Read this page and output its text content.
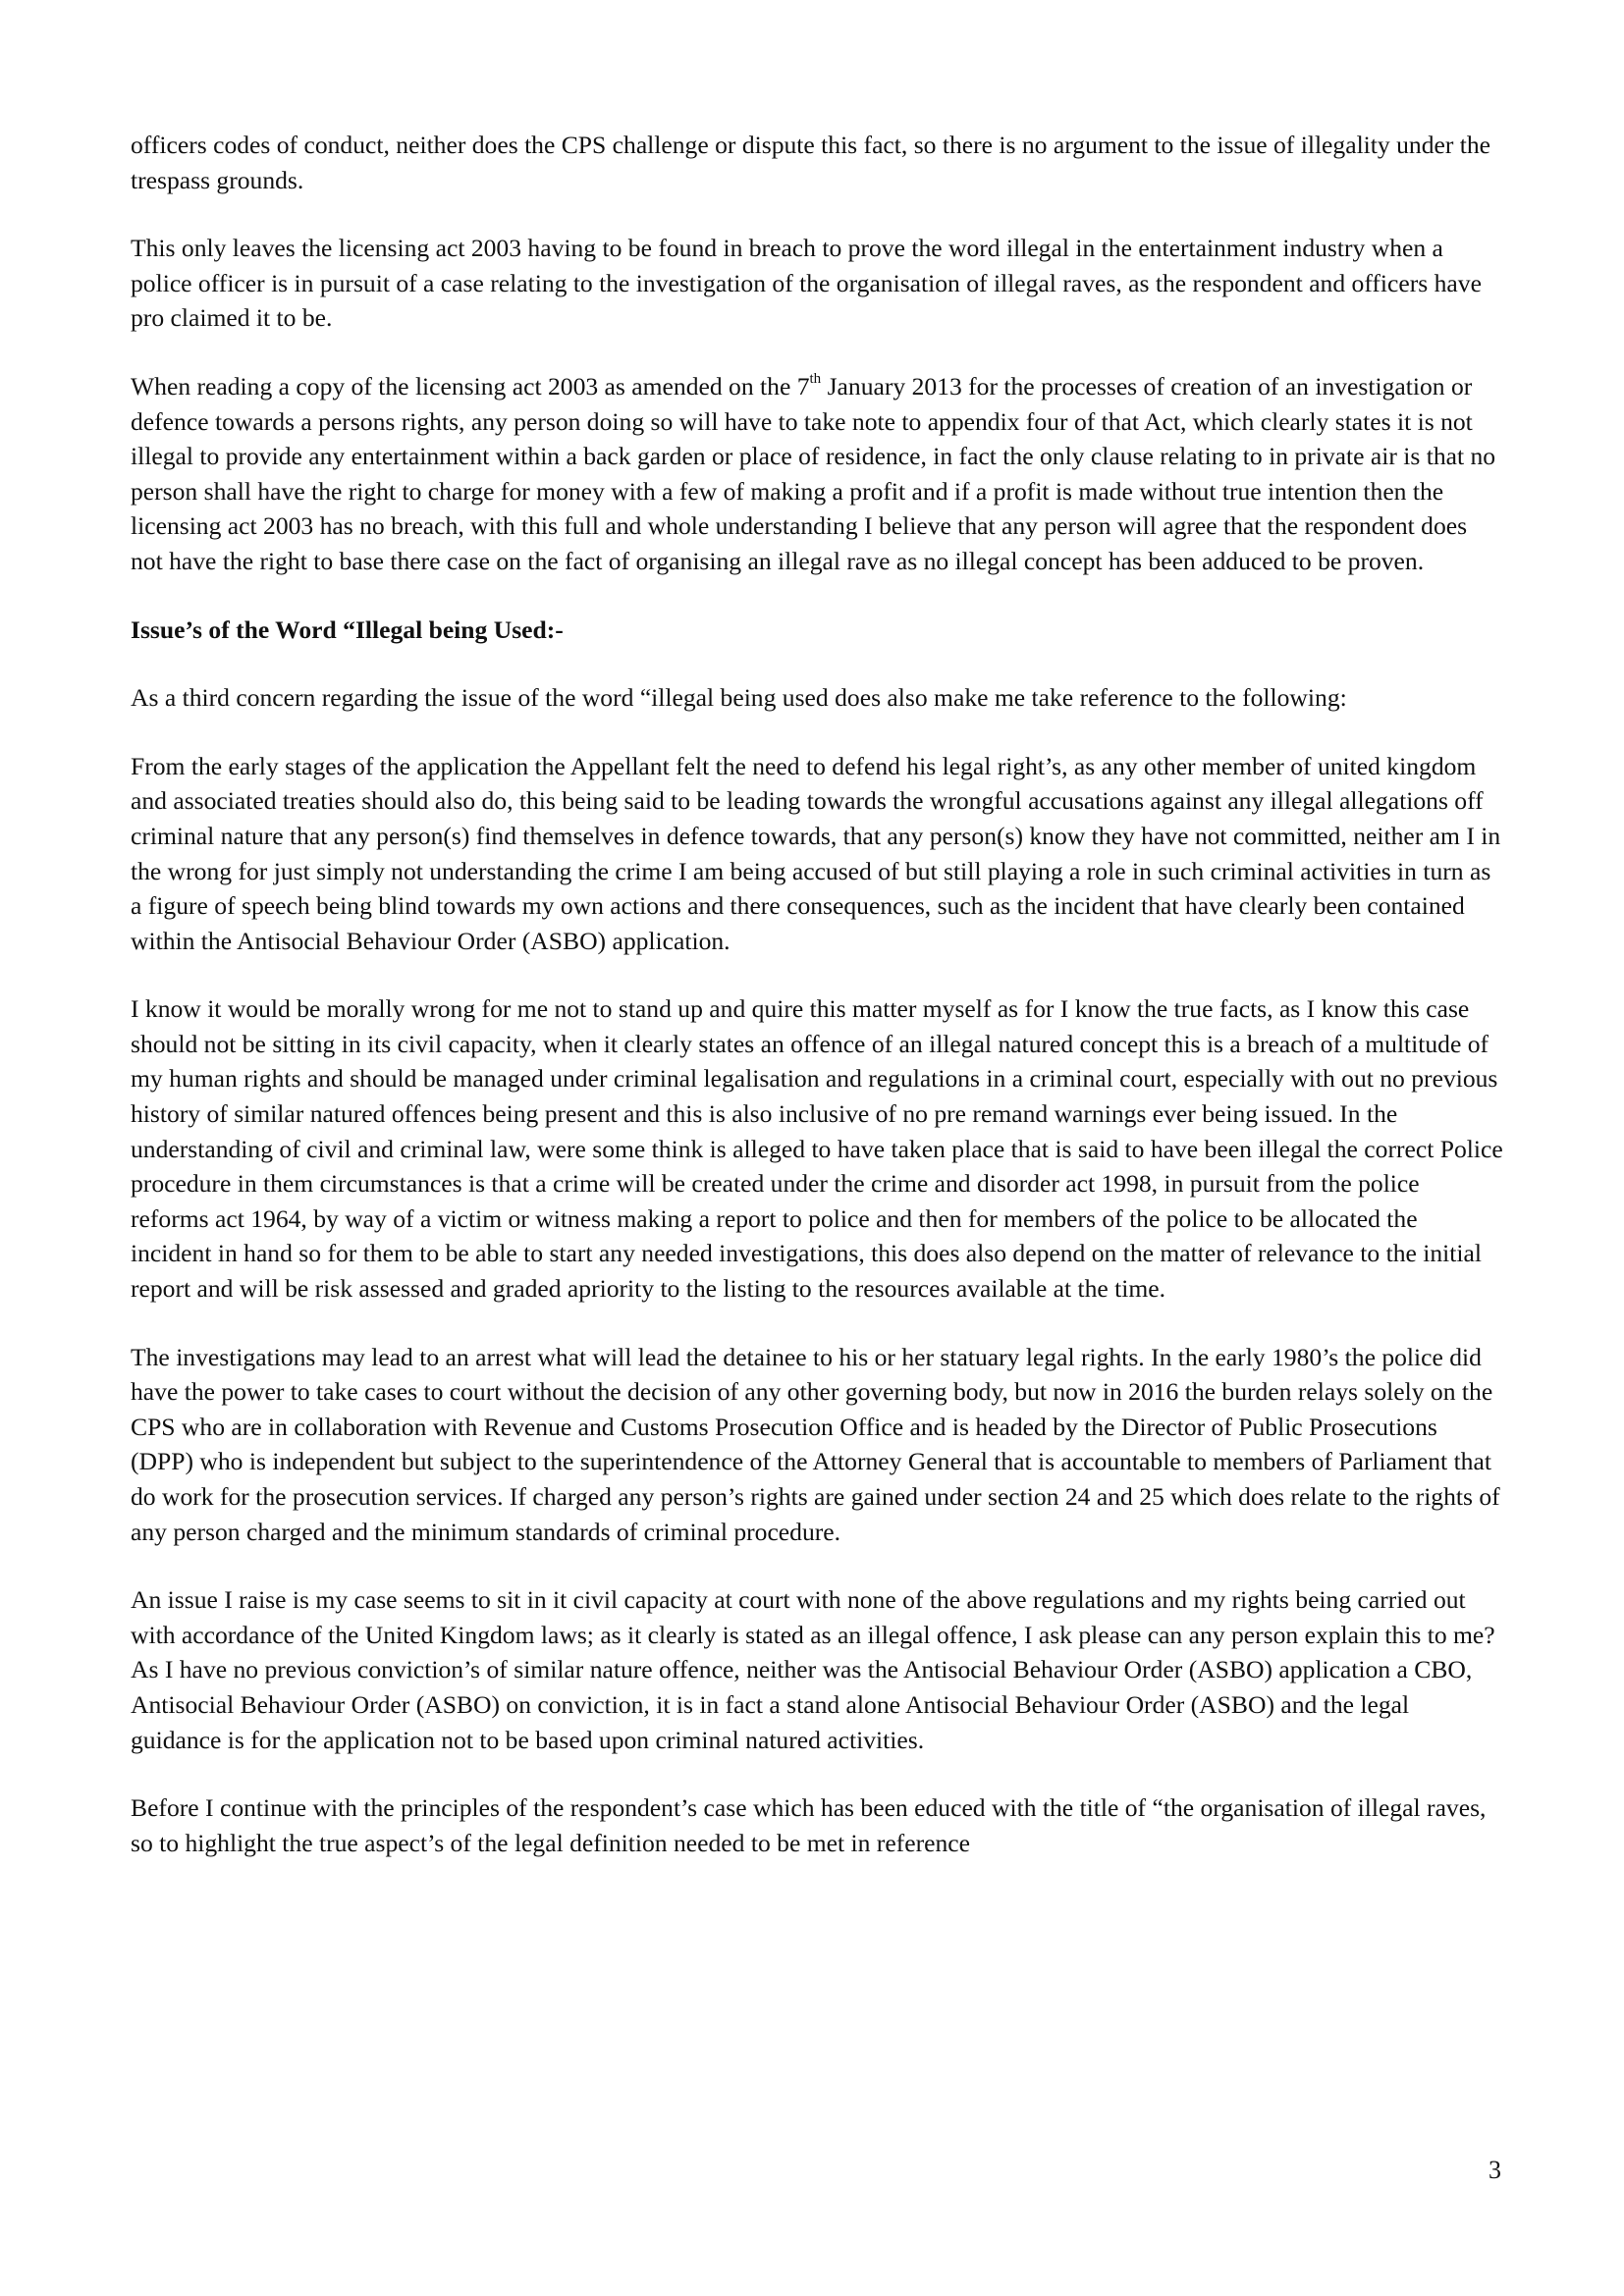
officers codes of conduct, neither does the CPS challenge or dispute this fact, so there is no argument to the issue of illegality under the trespass grounds.

This only leaves the licensing act 2003 having to be found in breach to prove the word illegal in the entertainment industry when a police officer is in pursuit of a case relating to the investigation of the organisation of illegal raves, as the respondent and officers have pro claimed it to be.

When reading a copy of the licensing act 2003 as amended on the 7th January 2013 for the processes of creation of an investigation or defence towards a persons rights, any person doing so will have to take note to appendix four of that Act, which clearly states it is not illegal to provide any entertainment within a back garden or place of residence, in fact the only clause relating to in private air is that no person shall have the right to charge for money with a few of making a profit and if a profit is made without true intention then the licensing act 2003 has no breach, with this full and whole understanding I believe that any person will agree that the respondent does not have the right to base there case on the fact of organising an illegal rave as no illegal concept has been adduced to be proven.

Issue’s of the Word “Illegal being Used:-

As a third concern regarding the issue of the word “illegal being used does also make me take reference to the following:

From the early stages of the application the Appellant felt the need to defend his legal right’s, as any other member of united kingdom and associated treaties should also do, this being said to be leading towards the wrongful accusations against any illegal allegations off criminal nature that any person(s) find themselves in defence towards, that any person(s) know they have not committed, neither am I in the wrong for just simply not understanding the crime I am being accused of but still playing a role in such criminal activities in turn as a figure of speech being blind towards my own actions and there consequences, such as the incident that have clearly been contained within the Antisocial Behaviour Order (ASBO) application.

I know it would be morally wrong for me not to stand up and quire this matter myself as for I know the true facts, as I know this case should not be sitting in its civil capacity, when it clearly states an offence of an illegal natured concept this is a breach of a multitude of my human rights and should be managed under criminal legalisation and regulations in a criminal court, especially with out no previous history of similar natured offences being present and this is also inclusive of no pre remand warnings ever being issued. In the understanding of civil and criminal law, were some think is alleged to have taken place that is said to have been illegal the correct Police procedure in them circumstances is that a crime will be created under the crime and disorder act 1998, in pursuit from the police reforms act 1964, by way of a victim or witness making a report to police and then for members of the police to be allocated the incident in hand so for them to be able to start any needed investigations, this does also depend on the matter of relevance to the initial report and will be risk assessed and graded apriority to the listing to the resources available at the time.

The investigations may lead to an arrest what will lead the detainee to his or her statuary legal rights. In the early 1980’s the police did have the power to take cases to court without the decision of any other governing body, but now in 2016 the burden relays solely on the CPS who are in collaboration with Revenue and Customs Prosecution Office and is headed by the Director of Public Prosecutions (DPP) who is independent but subject to the superintendence of the Attorney General that is accountable to members of Parliament that do work for the prosecution services. If charged any person’s rights are gained under section 24 and 25 which does relate to the rights of any person charged and the minimum standards of criminal procedure.

An issue I raise is my case seems to sit in it civil capacity at court with none of the above regulations and my rights being carried out with accordance of the United Kingdom laws; as it clearly is stated as an illegal offence, I ask please can any person explain this to me? As I have no previous conviction’s of similar nature offence, neither was the Antisocial Behaviour Order (ASBO) application a CBO, Antisocial Behaviour Order (ASBO) on conviction, it is in fact a stand alone Antisocial Behaviour Order (ASBO) and the legal guidance is for the application not to be based upon criminal natured activities.

Before I continue with the principles of the respondent’s case which has been educed with the title of “the organisation of illegal raves, so to highlight the true aspect’s of the legal definition needed to be met in reference

3
